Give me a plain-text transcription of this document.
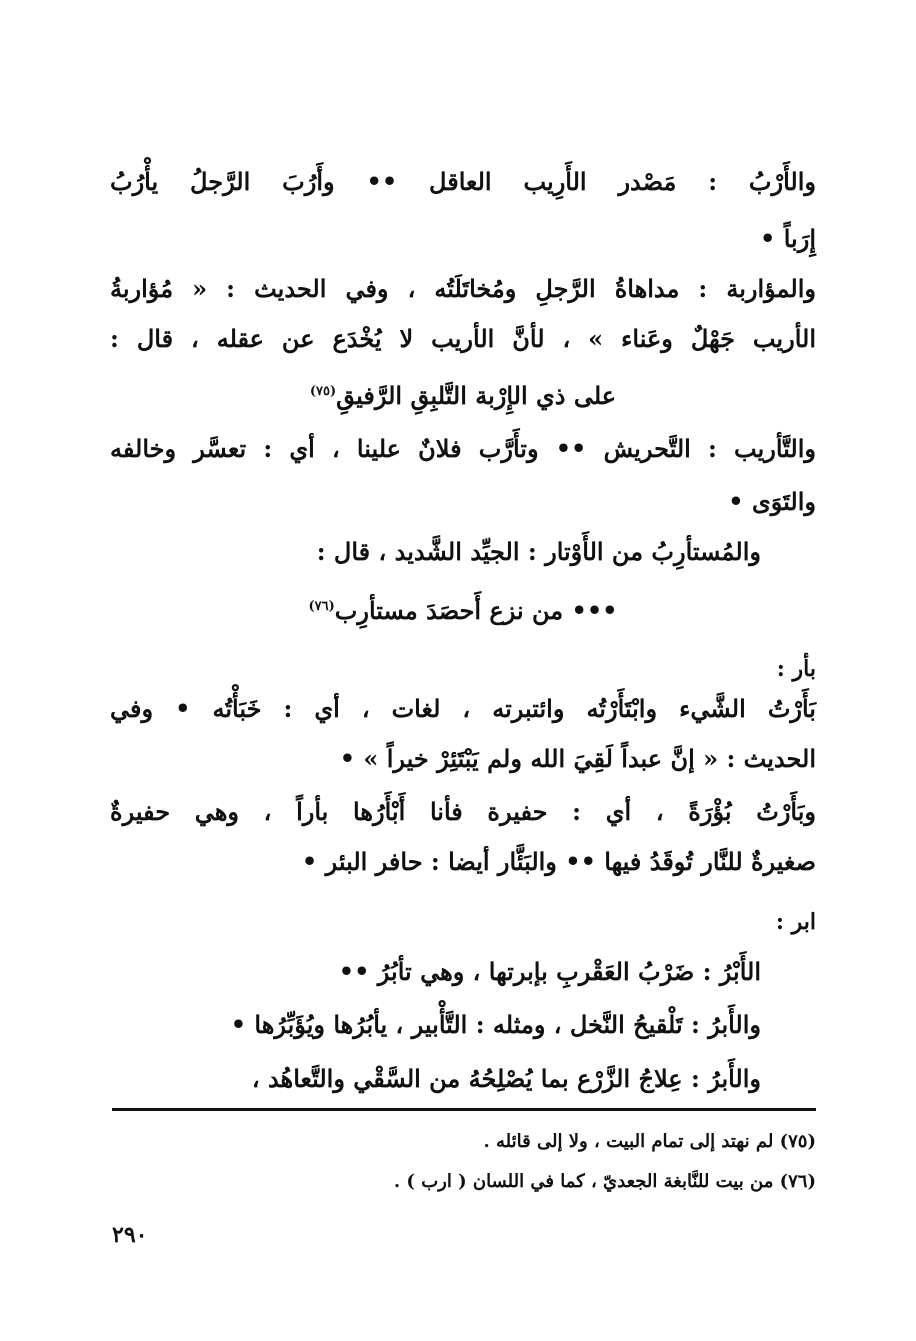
والأَرْبُ : مَصْدر الأَرِيب العاقل •• وأَرُبَ الرَّجلُ يأْرُبُ
إِرَباً •
والمؤاربة : مداهاةُ الرَّجلِ ومُخاتَلَتُه ، وفي الحديث : « مُؤاربةُ
الأريب جَهْلٌ وعَناء » ، لأنَّ الأريب لا يُخْدَع عن عقله ، قال :
على ذي الإِرْبة التَّلبِقِ الرَّفيقِ$^{(٧٥)}$
والتَّأريب : التَّحريش •• وتأَرَّب فلانٌ علينا ، أي : تعسَّر وخالفه
والتَوَى •
والمُستأرِبُ من الأَوْتار : الجيِّد الشَّديد ، قال :
••• من نزع أَحصَدَ مستأرِب$^{(٧٦)}$
بأر :
بَأَرْتُ الشَّيء وابْتَأَرْتُه وائتبرته ، لغات ، أي : خَبَأْتُه • وفي
الحديث : « إنَّ عبداً لَقِيَ الله ولم يَبْتَئِرْ خيراً » •
وبَأَرْتُ بُؤْرَةً ، أي : حفيرة فأنا أَبْأَرُها بأراً ، وهي حفيرةٌ
صغيرةٌ للنَّار تُوقَدُ فيها •• والبَئَّار أيضا : حافر البئر •
ابر :
الأَبْرُ : ضَرْبُ العَقْربِ بإبرتها ، وهي تأبُرُ ••
والأَبرُ : تَلْقيحُ النَّخل ، ومثله : التَّأْبير ، يأبُرُها ويُؤَبِّرُها •
والأَبرُ : عِلاجُ الزَّرْع بما يُصْلِحُهُ من السَّقْي والتَّعاهُد ،
(٧٥) لم نهتد إلى تمام البيت ، ولا إلى قائله .
(٧٦) من بيت للنَّابغة الجعديّ ، كما في اللسان ( ارب ) .
٢٩٠
